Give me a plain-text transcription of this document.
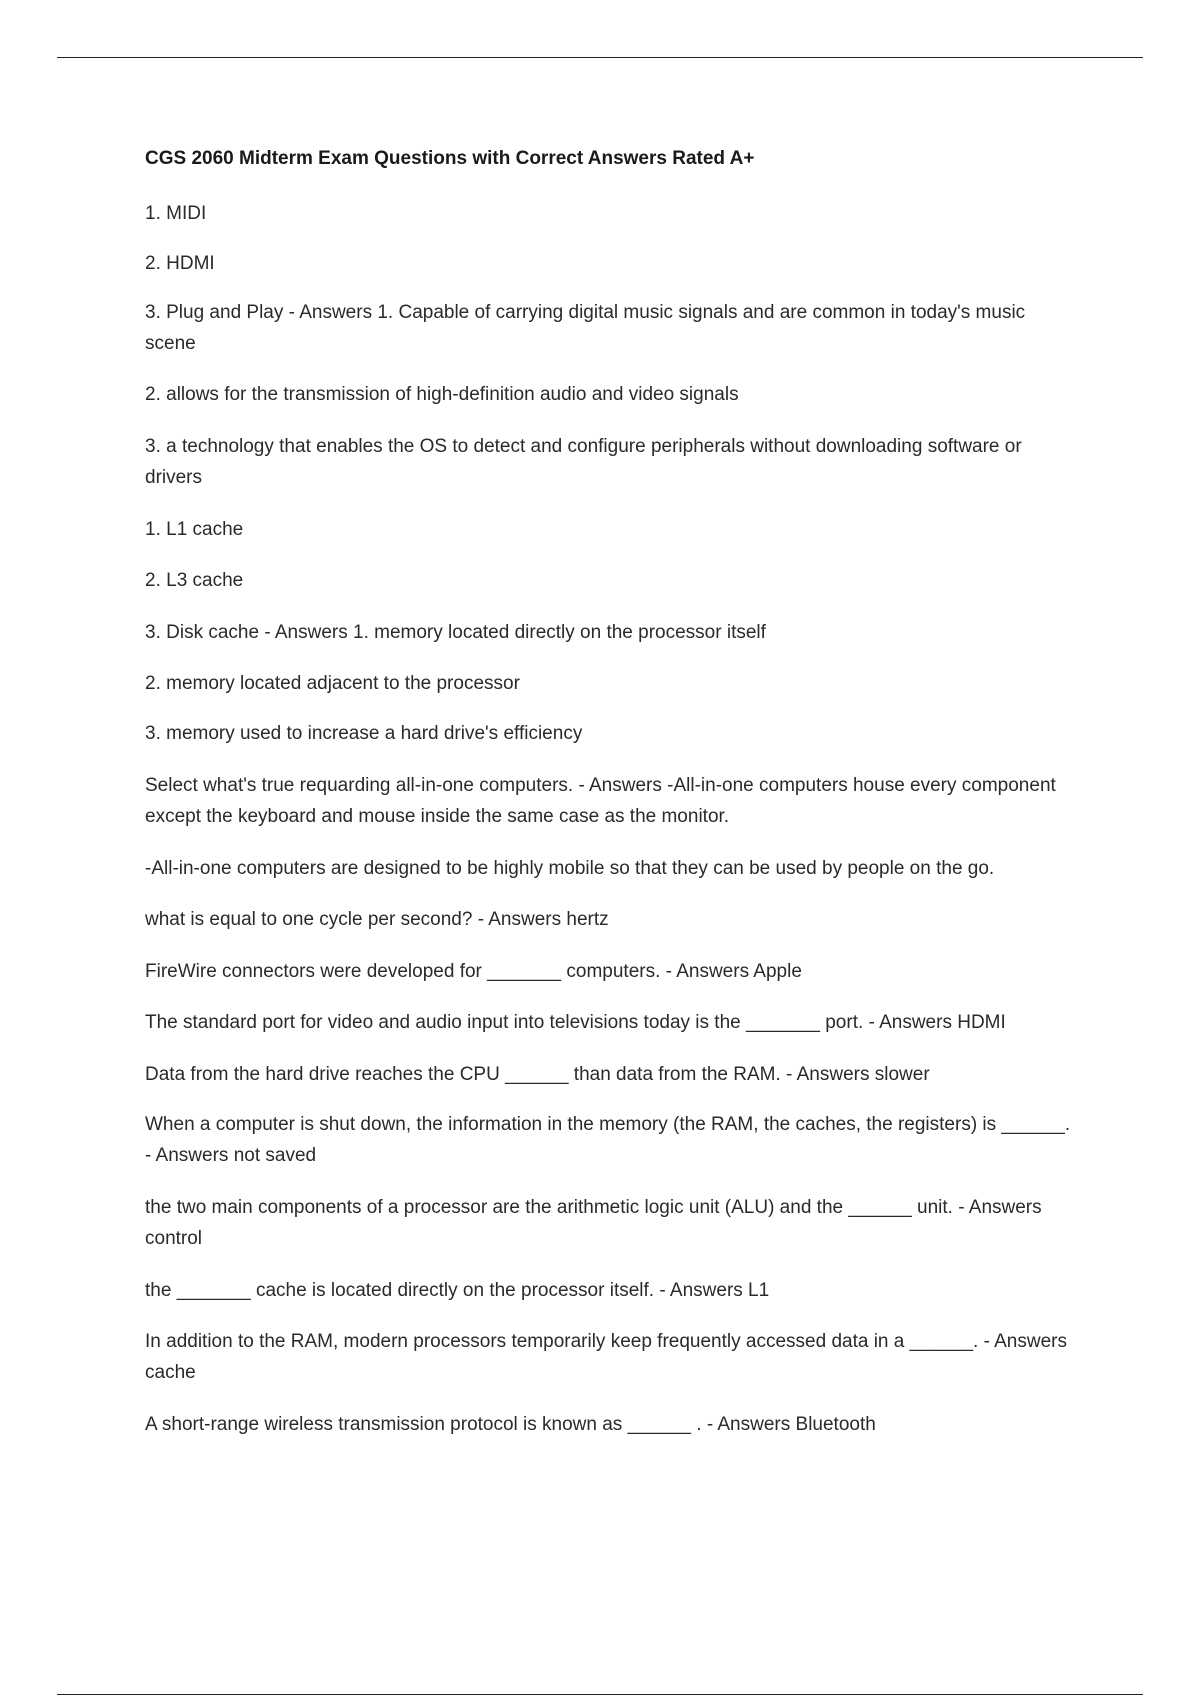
CGS 2060 Midterm Exam Questions with Correct Answers Rated A+

1. MIDI

2. HDMI

3. Plug and Play - Answers 1. Capable of carrying digital music signals and are common in today's music scene

2. allows for the transmission of high-definition audio and video signals

3. a technology that enables the OS to detect and configure peripherals without downloading software or drivers

1. L1 cache

2. L3 cache

3. Disk cache - Answers 1. memory located directly on the processor itself

2. memory located adjacent to the processor

3. memory used to increase a hard drive's efficiency

Select what's true requarding all-in-one computers. - Answers -All-in-one computers house every component except the keyboard and mouse inside the same case as the monitor.

-All-in-one computers are designed to be highly mobile so that they can be used by people on the go.

what is equal to one cycle per second? - Answers hertz

FireWire connectors were developed for _______ computers. - Answers Apple

The standard port for video and audio input into televisions today is the _______ port. - Answers HDMI

Data from the hard drive reaches the CPU ______ than data from the RAM. - Answers slower

When a computer is shut down, the information in the memory (the RAM, the caches, the registers) is ______. - Answers not saved

the two main components of a processor are the arithmetic logic unit (ALU) and the ______ unit. - Answers control

the _______ cache is located directly on the processor itself. - Answers L1

In addition to the RAM, modern processors temporarily keep frequently accessed data in a ______. - Answers cache

A short-range wireless transmission protocol is known as ______ . - Answers Bluetooth
